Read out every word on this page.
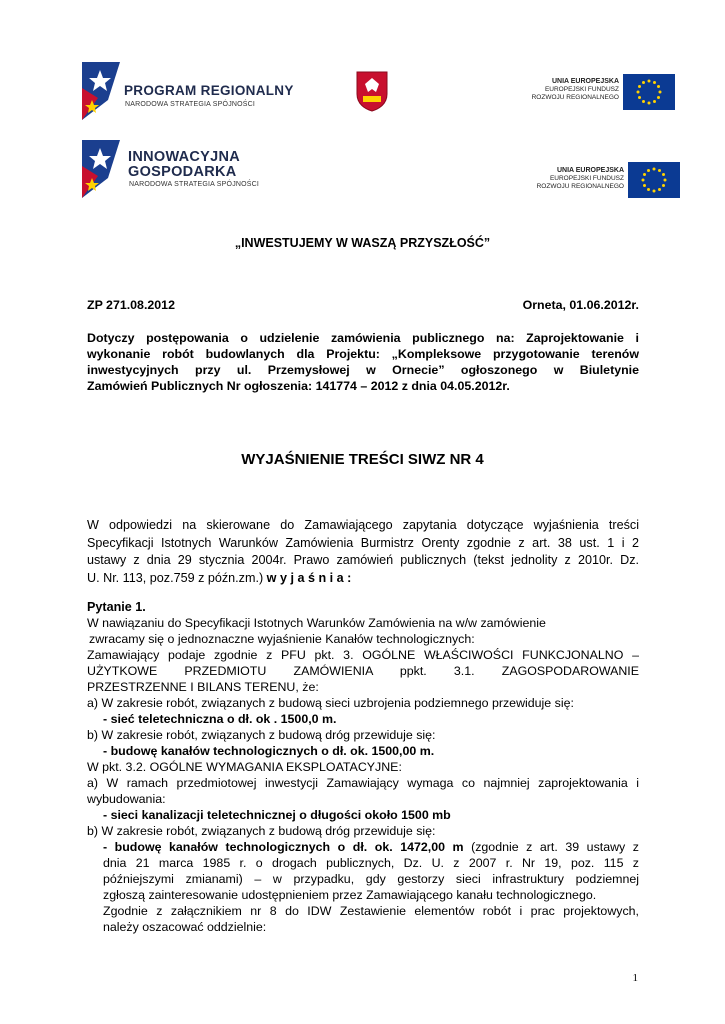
PROGRAM REGIONALNY
NARODOWA STRATEGIA SPÓJNOŚCI
UNIA EUROPEJSKA
EUROPEJSKI FUNDUSZ
ROZWOJU REGIONALNEGO
INNOWACYJNA
GOSPODARKA
NARODOWA STRATEGIA SPÓJNOŚCI
UNIA EUROPEJSKA
EUROPEJSKI FUNDUSZ
ROZWOJU REGIONALNEGO
„INWESTUJEMY W WASZĄ PRZYSZŁOŚĆ”
ZP 271.08.2012	Orneta, 01.06.2012r.
Dotyczy postępowania o udzielenie zamówienia publicznego na: Zaprojektowanie i
wykonanie robót budowlanych dla Projektu: „Kompleksowe przygotowanie terenów
inwestycyjnych przy ul. Przemysłowej w Ornecie” ogłoszonego w Biuletynie
Zamówień Publicznych Nr ogłoszenia: 141774 – 2012 z dnia 04.05.2012r.
WYJAŚNIENIE TREŚCI SIWZ NR 4
W odpowiedzi na skierowane do Zamawiającego zapytania dotyczące wyjaśnienia treści
Specyfikacji Istotnych Warunków Zamówienia Burmistrz Orenty zgodnie z art. 38 ust. 1 i 2
ustawy z dnia 29 stycznia 2004r. Prawo zamówień publicznych (tekst jednolity z 2010r. Dz.
U. Nr. 113, poz.759 z późn.zm.) w y j a ś n i a :
Pytanie 1.
W nawiązaniu do Specyfikacji Istotnych Warunków Zamówienia na w/w zamówienie
zwracamy się o jednoznaczne wyjaśnienie Kanałów technologicznych:
Zamawiający podaje zgodnie z PFU pkt. 3. OGÓLNE WŁAŚCIWOŚCI FUNKCJONALNO –
UŻYTKOWE PRZEDMIOTU ZAMÓWIENIA ppkt. 3.1. ZAGOSPODAROWANIE
PRZESTRZENNE I BILANS TERENU, że:
a) W zakresie robót, związanych z budową sieci uzbrojenia podziemnego przewiduje się:
- sieć teletechniczna o dł. ok . 1500,0 m.
b) W zakresie robót, związanych z budową dróg przewiduje się:
- budowę kanałów technologicznych o dł. ok. 1500,00 m.
W pkt. 3.2. OGÓLNE WYMAGANIA EKSPLOATACYJNE:
a) W ramach przedmiotowej inwestycji Zamawiający wymaga co najmniej zaprojektowania i
wybudowania:
- sieci kanalizacji teletechnicznej o długości około 1500 mb
b) W zakresie robót, związanych z budową dróg przewiduje się:
- budowę kanałów technologicznych o dł. ok. 1472,00 m (zgodnie z art. 39 ustawy z
dnia 21 marca 1985 r. o drogach publicznych, Dz. U. z 2007 r. Nr 19, poz. 115 z
późniejszymi zmianami) – w przypadku, gdy gestorzy sieci infrastruktury podziemnej
zgłoszą zainteresowanie udostępnieniem przez Zamawiającego kanału technologicznego.
Zgodnie z załącznikiem nr 8 do IDW Zestawienie elementów robót i prac projektowych,
należy oszacować oddzielnie:
1
